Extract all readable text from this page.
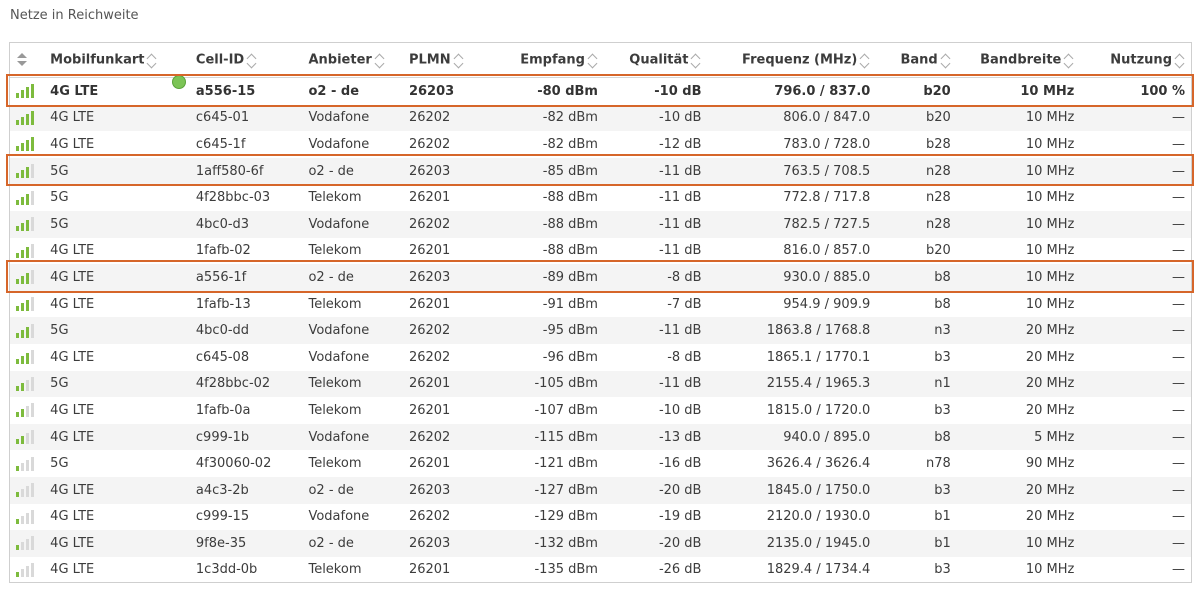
Netze in Reichweite
	Mobilfunkart	Cell-ID	Anbieter	PLMN	Empfang	Qualität	Frequenz (MHz)	Band	Bandbreite	Nutzung

	4G LTE	a556-15	o2 - de	26203	-80 dBm	-10 dB	796.0 / 837.0	b20	10 MHz	100 %

	4G LTE	c645-01	Vodafone	26202	-82 dBm	-10 dB	806.0 / 847.0	b20	10 MHz	—

	4G LTE	c645-1f	Vodafone	26202	-82 dBm	-12 dB	783.0 / 728.0	b28	10 MHz	—

	5G	1aff580-6f	o2 - de	26203	-85 dBm	-11 dB	763.5 / 708.5	n28	10 MHz	—

	5G	4f28bbc-03	Telekom	26201	-88 dBm	-11 dB	772.8 / 717.8	n28	10 MHz	—

	5G	4bc0-d3	Vodafone	26202	-88 dBm	-11 dB	782.5 / 727.5	n28	10 MHz	—

	4G LTE	1fafb-02	Telekom	26201	-88 dBm	-11 dB	816.0 / 857.0	b20	10 MHz	—

	4G LTE	a556-1f	o2 - de	26203	-89 dBm	-8 dB	930.0 / 885.0	b8	10 MHz	—

	4G LTE	1fafb-13	Telekom	26201	-91 dBm	-7 dB	954.9 / 909.9	b8	10 MHz	—

	5G	4bc0-dd	Vodafone	26202	-95 dBm	-11 dB	1863.8 / 1768.8	n3	20 MHz	—

	4G LTE	c645-08	Vodafone	26202	-96 dBm	-8 dB	1865.1 / 1770.1	b3	20 MHz	—

	5G	4f28bbc-02	Telekom	26201	-105 dBm	-11 dB	2155.4 / 1965.3	n1	20 MHz	—

	4G LTE	1fafb-0a	Telekom	26201	-107 dBm	-10 dB	1815.0 / 1720.0	b3	20 MHz	—

	4G LTE	c999-1b	Vodafone	26202	-115 dBm	-13 dB	940.0 / 895.0	b8	5 MHz	—

	5G	4f30060-02	Telekom	26201	-121 dBm	-16 dB	3626.4 / 3626.4	n78	90 MHz	—

	4G LTE	a4c3-2b	o2 - de	26203	-127 dBm	-20 dB	1845.0 / 1750.0	b3	20 MHz	—

	4G LTE	c999-15	Vodafone	26202	-129 dBm	-19 dB	2120.0 / 1930.0	b1	20 MHz	—

	4G LTE	9f8e-35	o2 - de	26203	-132 dBm	-20 dB	2135.0 / 1945.0	b1	10 MHz	—

	4G LTE	1c3dd-0b	Telekom	26201	-135 dBm	-26 dB	1829.4 / 1734.4	b3	10 MHz	—
